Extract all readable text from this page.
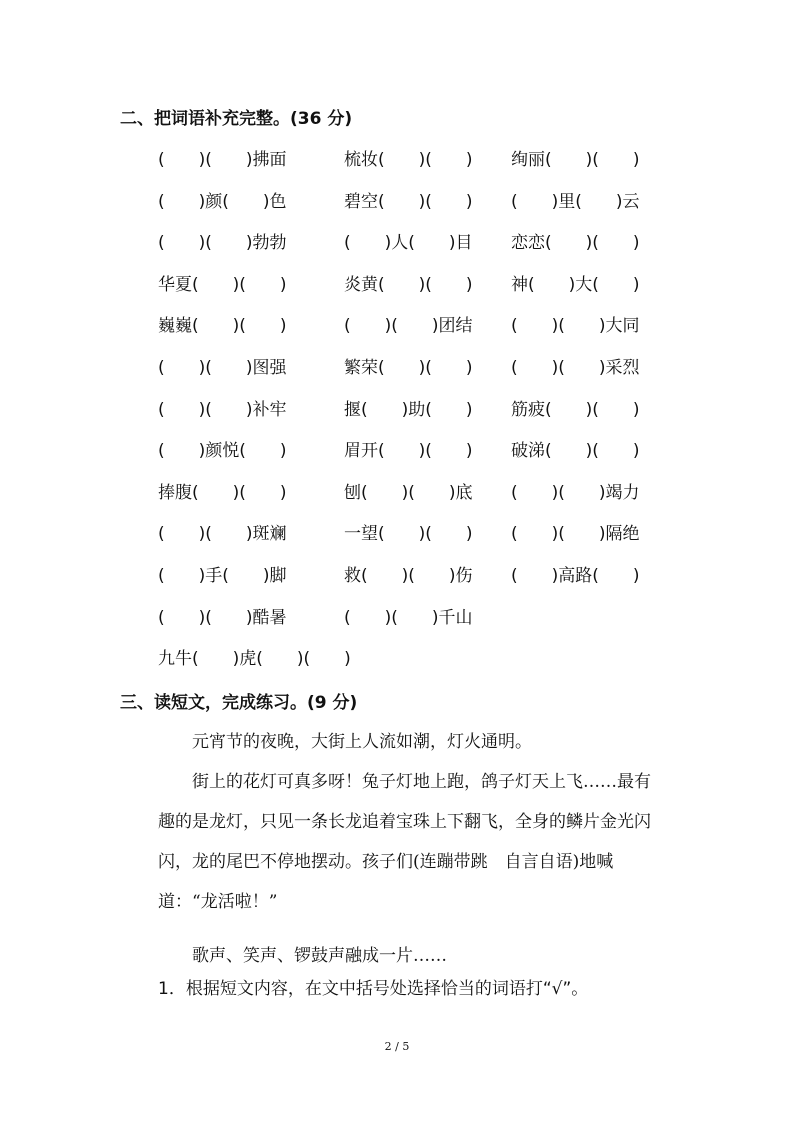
二、把词语补充完整。(36 分)
(　　)(　　)拂面	梳妆(　　)(　　) 绚丽(　　)(　　)
(　　)颜(　　)色	碧空(　　)(　　) (　　)里(　　)云
(　　)(　　)勃勃	(　　)人(　　)目 恋恋(　　)(　　)
华夏(　　)(　　)	炎黄(　　)(　　) 神(　　)大(　　)
巍巍(　　)(　　)	(　　)(　　)团结 (　　)(　　)大同
(　　)(　　)图强	繁荣(　　)(　　) (　　)(　　)采烈
(　　)(　　)补牢	揠(　　)助(　　) 筋疲(　　)(　　)
(　　)颜悦(　　)	眉开(　　)(　　) 破涕(　　)(　　)
捧腹(　　)(　　)	刨(　　)(　　)底 (　　)(　　)竭力
(　　)(　　)斑斓	一望(　　)(　　) (　　)(　　)隔绝
(　　)手(　　)脚	救(　　)(　　)伤 (　　)高路(　　)
(　　)(　　)酷暑	(　　)(　　)千山
九牛(　　)虎(　　)(　　)
三、读短文，完成练习。(9 分)

元宵节的夜晚，大街上人流如潮，灯火通明。

街上的花灯可真多呀！兔子灯地上跑，鸽子灯天上飞……最有趣的是龙灯，只见一条长龙追着宝珠上下翻飞，全身的鳞片金光闪闪，龙的尾巴不停地摆动。孩子们(连蹦带跳　自言自语)地喊道：“龙活啦！”

歌声、笑声、锣鼓声融成一片……

1．根据短文内容，在文中括号处选择恰当的词语打“√”。
2 / 5
